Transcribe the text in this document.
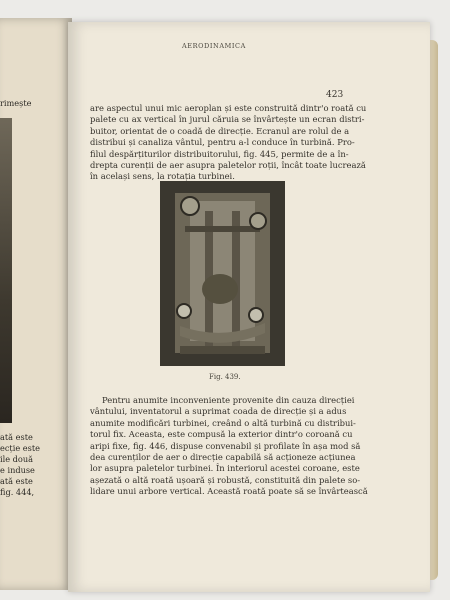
rimește
ată este
ecție este
ile două
e induse
ată este
fig. 444,
AERODINAMICA
423
are aspectul unui mic aeroplan și este construită dintr'o roată cu
palete cu ax vertical în jurul căruia se învârtește un ecran distri-
buitor, orientat de o coadă de direcție. Ecranul are rolul de a
distribui și canaliza vântul, pentru a-l conduce în turbină. Pro-
filul despărțiturilor distribuitorului, fig. 445, permite de a în-
drepta curenții de aer asupra paletelor roții, încât toate lucrează
în același sens, la rotația turbinei.
Fig. 439.
Pentru anumite inconveniente provenite din cauza direcției
vântului, inventatorul a suprimat coada de direcție și a adus
anumite modificări turbinei, creând o altă turbină cu distribui-
torul fix. Aceasta, este compusă la exterior dintr'o coroană cu
aripi fixe, fig. 446, dispuse convenabil și profilate în așa mod să
dea curenților de aer o direcție capabilă să acționeze acțiunea
lor asupra paletelor turbinei. În interiorul acestei coroane, este
așezată o altă roată ușoară și robustă, constituită din palete so-
lidare unui arbore vertical. Această roată poate să se învârtească
